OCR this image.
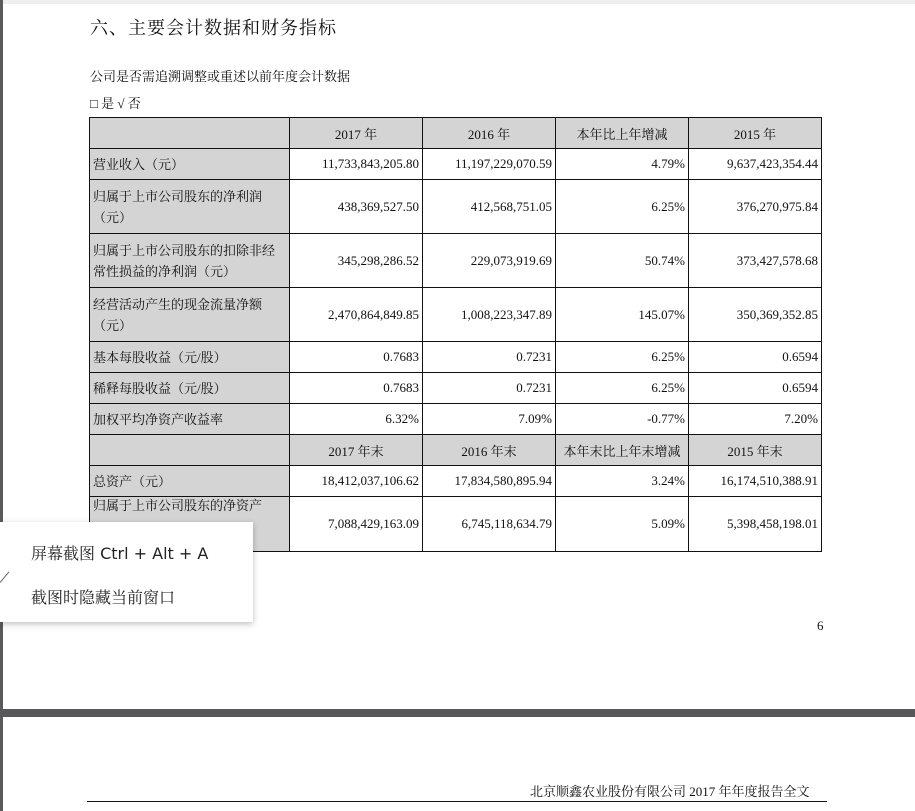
六、主要会计数据和财务指标
公司是否需追溯调整或重述以前年度会计数据
□ 是 √ 否
	2017 年	2016 年	本年比上年增减	2015 年
营业收入（元）	11,733,843,205.80	11,197,229,070.59	4.79%	9,637,423,354.44
归属于上市公司股东的净利润（元）	438,369,527.50	412,568,751.05	6.25%	376,270,975.84
归属于上市公司股东的扣除非经常性损益的净利润（元）	345,298,286.52	229,073,919.69	50.74%	373,427,578.68
经营活动产生的现金流量净额（元）	2,470,864,849.85	1,008,223,347.89	145.07%	350,369,352.85
基本每股收益（元/股）	0.7683	0.7231	6.25%	0.6594
稀释每股收益（元/股）	0.7683	0.7231	6.25%	0.6594
加权平均净资产收益率	6.32%	7.09%	-0.77%	7.20%
	2017 年末	2016 年末	本年末比上年末增减	2015 年末
总资产（元）	18,412,037,106.62	17,834,580,895.94	3.24%	16,174,510,388.91
归属于上市公司股东的净资产	7,088,429,163.09	6,745,118,634.79	5.09%	5,398,458,198.01
6
北京顺鑫农业股份有限公司 2017 年年度报告全文
屏幕截图 Ctrl + Alt + A
截图时隐藏当前窗口
